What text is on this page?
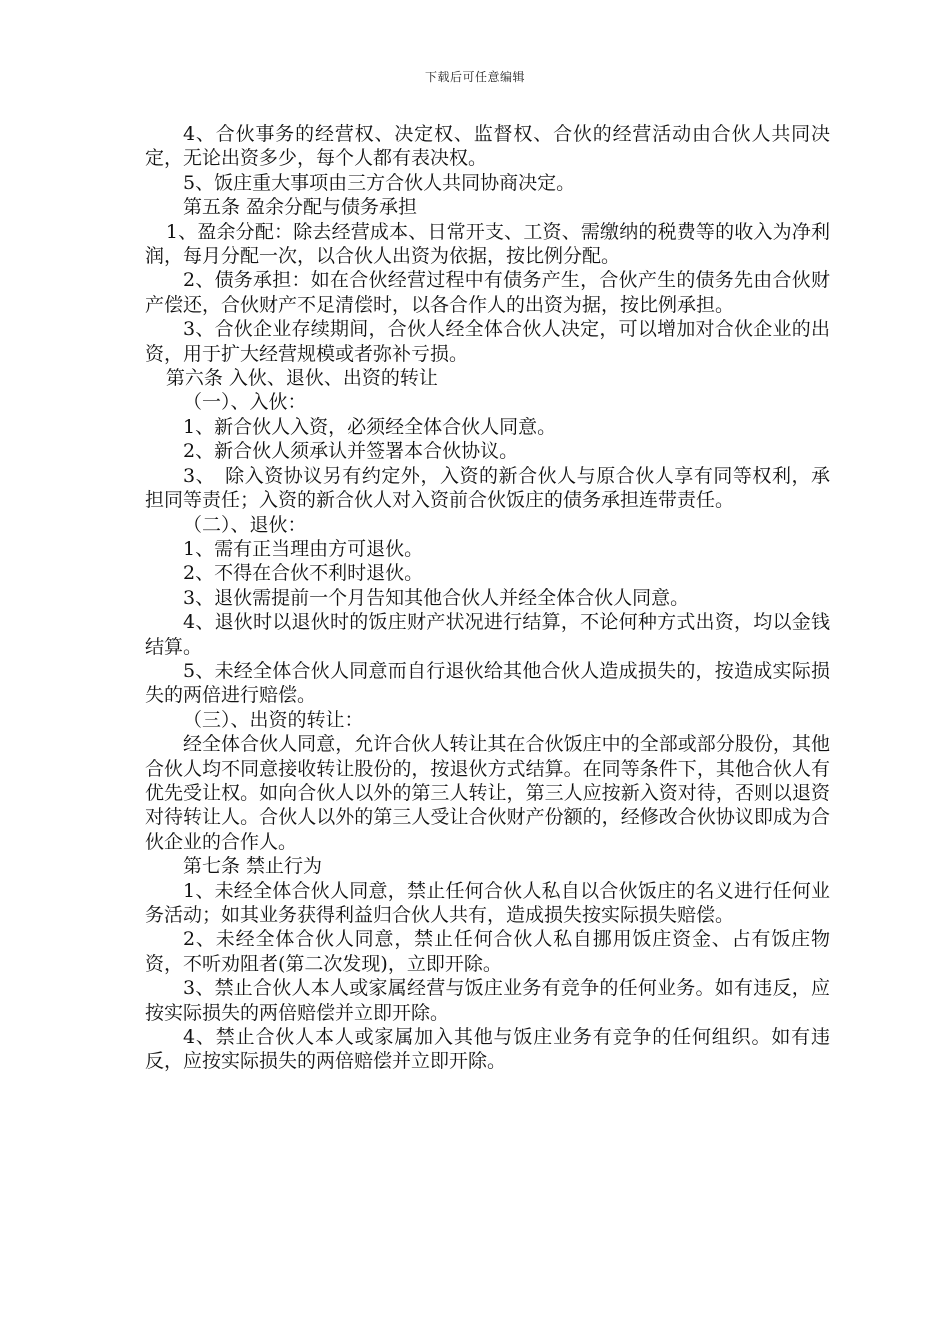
下载后可任意编辑

4、合伙事务的经营权、决定权、监督权、合伙的经营活动由合伙人共同决定，无论出资多少，每个人都有表决权。

5、饭庄重大事项由三方合伙人共同协商决定。

第五条 盈余分配与债务承担

1、盈余分配：除去经营成本、日常开支、工资、需缴纳的税费等的收入为净利润，每月分配一次，以合伙人出资为依据，按比例分配。

2、债务承担：如在合伙经营过程中有债务产生，合伙产生的债务先由合伙财产偿还，合伙财产不足清偿时，以各合作人的出资为据，按比例承担。

3、合伙企业存续期间，合伙人经全体合伙人决定，可以增加对合伙企业的出资，用于扩大经营规模或者弥补亏损。

第六条 入伙、退伙、出资的转让

（一）、入伙：

1、新合伙人入资，必须经全体合伙人同意。

2、新合伙人须承认并签署本合伙协议。

3、　除入资协议另有约定外，入资的新合伙人与原合伙人享有同等权利，承担同等责任；入资的新合伙人对入资前合伙饭庄的债务承担连带责任。

（二）、退伙：

1、需有正当理由方可退伙。

2、不得在合伙不利时退伙。

3、退伙需提前一个月告知其他合伙人并经全体合伙人同意。

4、退伙时以退伙时的饭庄财产状况进行结算，不论何种方式出资，均以金钱结算。

5、未经全体合伙人同意而自行退伙给其他合伙人造成损失的，按造成实际损失的两倍进行赔偿。

（三）、出资的转让：

经全体合伙人同意，允许合伙人转让其在合伙饭庄中的全部或部分股份，其他合伙人均不同意接收转让股份的，按退伙方式结算。在同等条件下，其他合伙人有优先受让权。如向合伙人以外的第三人转让，第三人应按新入资对待，否则以退资对待转让人。合伙人以外的第三人受让合伙财产份额的，经修改合伙协议即成为合伙企业的合作人。

第七条 禁止行为

1、未经全体合伙人同意，禁止任何合伙人私自以合伙饭庄的名义进行任何业务活动；如其业务获得利益归合伙人共有，造成损失按实际损失赔偿。

2、未经全体合伙人同意，禁止任何合伙人私自挪用饭庄资金、占有饭庄物资，不听劝阻者(第二次发现)，立即开除。

3、禁止合伙人本人或家属经营与饭庄业务有竞争的任何业务。如有违反，应按实际损失的两倍赔偿并立即开除。

4、禁止合伙人本人或家属加入其他与饭庄业务有竞争的任何组织。如有违反，应按实际损失的两倍赔偿并立即开除。
